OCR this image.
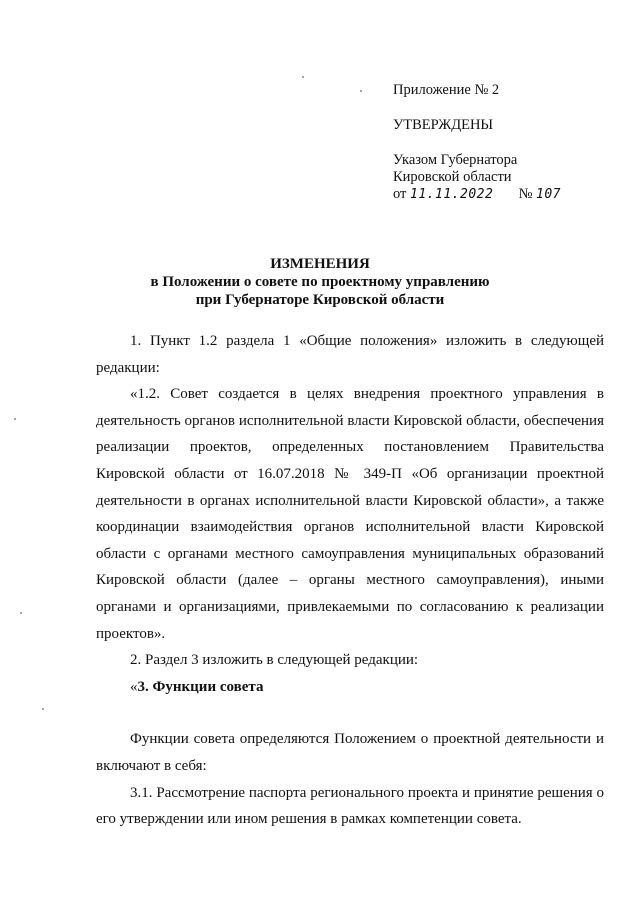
Приложение № 2
УТВЕРЖДЕНЫ
Указом Губернатора
Кировской области
от 11.11.2022 № 107
ИЗМЕНЕНИЯ
в Положении о совете по проектному управлению
при Губернаторе Кировской области
1. Пункт 1.2 раздела 1 «Общие положения» изложить в следующей редакции:
«1.2. Совет создается в целях внедрения проектного управления в деятельность органов исполнительной власти Кировской области, обеспечения реализации проектов, определенных постановлением Правительства Кировской области от 16.07.2018 № 349-П «Об организации проектной деятельности в органах исполнительной власти Кировской области», а также координации взаимодействия органов исполнительной власти Кировской области с органами местного самоуправления муниципальных образований Кировской области (далее – органы местного самоуправления), иными органами и организациями, привлекаемыми по согласованию к реализации проектов».
2. Раздел 3 изложить в следующей редакции:
«3. Функции совета
Функции совета определяются Положением о проектной деятельности и включают в себя:
3.1. Рассмотрение паспорта регионального проекта и принятие решения о его утверждении или ином решения в рамках компетенции совета.
